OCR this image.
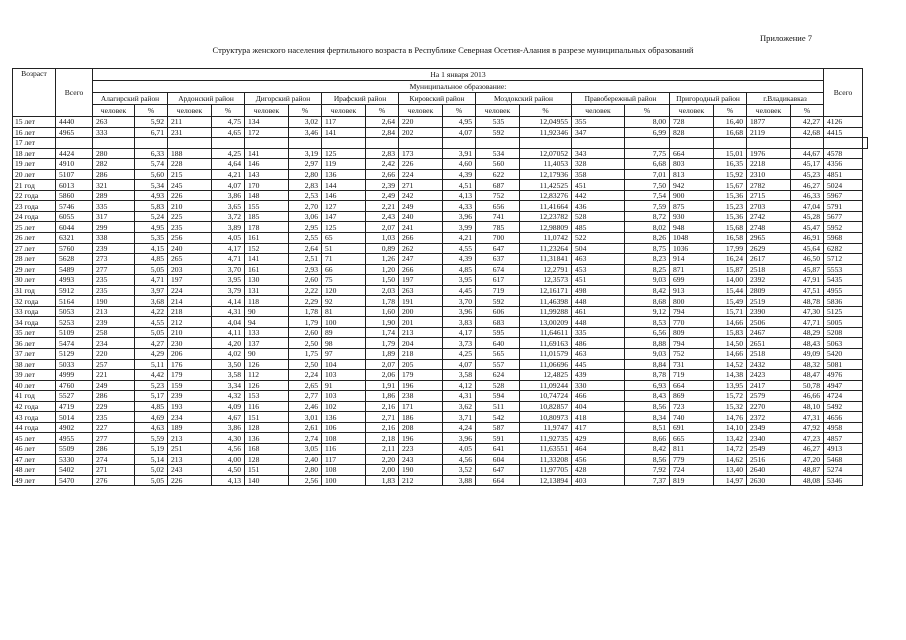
Приложение 7
Структура женского населения фертильного возраста в Республике Северная Осетия-Алания в разрезе муниципальных образований
Возраст	Всего	На 1 января 2013																		Всего	
		Муниципальное образование:																			
		Алагирский район		Ардонский район		Дигорский район		Ирафский район		Кировский район		Моздокский район		Правобережный район		Пригородный район		г.Владикавказ			
		человек	%	человек	%	человек	%	человек	%	человек	%	человек	%	человек	%	человек	%	человек	%		
15 лет	4440	263	5,92	211	4,75	134	3,02	117	2,64	220	4,95	535	12,04955	355	8,00	728	16,40	1877	42,27	4126	
16 лет	4965	333	6,71	231	4,65	172	3,46	141	2,84	202	4,07	592	11,92346	347	6,99	828	16,68	2119	42,68	4415	
17 лет																					
18 лет	4424	280	6,33	188	4,25	141	3,19	125	2,83	173	3,91	534	12,07052	343	7,75	664	15,01	1976	44,67	4578	
19 лет	4910	282	5,74	228	4,64	146	2,97	119	2,42	226	4,60	560	11,4053	328	6,68	803	16,35	2218	45,17	4356	
20 лет	5107	286	5,60	215	4,21	143	2,80	136	2,66	224	4,39	622	12,17936	358	7,01	813	15,92	2310	45,23	4851	
21 год	6013	321	5,34	245	4,07	170	2,83	144	2,39	271	4,51	687	11,42525	451	7,50	942	15,67	2782	46,27	5024	
22 года	5860	289	4,93	226	3,86	148	2,53	146	2,49	242	4,13	752	12,83276	442	7,54	900	15,36	2715	46,33	5967	
23 года	5746	335	5,83	210	3,65	155	2,70	127	2,21	249	4,33	656	11,41664	436	7,59	875	15,23	2703	47,04	5791	
24 года	6055	317	5,24	225	3,72	185	3,06	147	2,43	240	3,96	741	12,23782	528	8,72	930	15,36	2742	45,28	5677	
25 лет	6044	299	4,95	235	3,89	178	2,95	125	2,07	241	3,99	785	12,98809	485	8,02	948	15,68	2748	45,47	5952	
26 лет	6321	338	5,35	256	4,05	161	2,55	65	1,03	266	4,21	700	11,0742	522	8,26	1048	16,58	2965	46,91	5968	
27 лет	5760	239	4,15	240	4,17	152	2,64	51	0,89	262	4,55	647	11,23264	504	8,75	1036	17,99	2629	45,64	6282	
28 лет	5628	273	4,85	265	4,71	141	2,51	71	1,26	247	4,39	637	11,31841	463	8,23	914	16,24	2617	46,50	5712	
29 лет	5489	277	5,05	203	3,70	161	2,93	66	1,20	266	4,85	674	12,2791	453	8,25	871	15,87	2518	45,87	5553	
30 лет	4993	235	4,71	197	3,95	130	2,60	75	1,50	197	3,95	617	12,3573	451	9,03	699	14,00	2392	47,91	5435	
31 год	5912	235	3,97	224	3,79	131	2,22	120	2,03	263	4,45	719	12,16171	498	8,42	913	15,44	2809	47,51	4955	
32 года	5164	190	3,68	214	4,14	118	2,29	92	1,78	191	3,70	592	11,46398	448	8,68	800	15,49	2519	48,78	5836	
33 года	5053	213	4,22	218	4,31	90	1,78	81	1,60	200	3,96	606	11,99288	461	9,12	794	15,71	2390	47,30	5125	
34 года	5253	239	4,55	212	4,04	94	1,79	100	1,90	201	3,83	683	13,00209	448	8,53	770	14,66	2506	47,71	5005	
35 лет	5109	258	5,05	210	4,11	133	2,60	89	1,74	213	4,17	595	11,64611	335	6,56	809	15,83	2467	48,29	5208	
36 лет	5474	234	4,27	230	4,20	137	2,50	98	1,79	204	3,73	640	11,69163	486	8,88	794	14,50	2651	48,43	5063	
37 лет	5129	220	4,29	206	4,02	90	1,75	97	1,89	218	4,25	565	11,01579	463	9,03	752	14,66	2518	49,09	5420	
38 лет	5033	257	5,11	176	3,50	126	2,50	104	2,07	205	4,07	557	11,06696	445	8,84	731	14,52	2432	48,32	5081	
39 лет	4999	221	4,42	179	3,58	112	2,24	103	2,06	179	3,58	624	12,4825	439	8,78	719	14,38	2423	48,47	4976	
40 лет	4760	249	5,23	159	3,34	126	2,65	91	1,91	196	4,12	528	11,09244	330	6,93	664	13,95	2417	50,78	4947	
41 год	5527	286	5,17	239	4,32	153	2,77	103	1,86	238	4,31	594	10,74724	466	8,43	869	15,72	2579	46,66	4724	
42 года	4719	229	4,85	193	4,09	116	2,46	102	2,16	171	3,62	511	10,82857	404	8,56	723	15,32	2270	48,10	5492	
43 года	5014	235	4,69	234	4,67	151	3,01	136	2,71	186	3,71	542	10,80973	418	8,34	740	14,76	2372	47,31	4656	
44 года	4902	227	4,63	189	3,86	128	2,61	106	2,16	208	4,24	587	11,9747	417	8,51	691	14,10	2349	47,92	4958	
45 лет	4955	277	5,59	213	4,30	136	2,74	108	2,18	196	3,96	591	11,92735	429	8,66	665	13,42	2340	47,23	4857	
46 лет	5509	286	5,19	251	4,56	168	3,05	116	2,11	223	4,05	641	11,63551	464	8,42	811	14,72	2549	46,27	4913	
47 лет	5330	274	5,14	213	4,00	128	2,40	117	2,20	243	4,56	604	11,33208	456	8,56	779	14,62	2516	47,20	5468	
48 лет	5402	271	5,02	243	4,50	151	2,80	108	2,00	190	3,52	647	11,97705	428	7,92	724	13,40	2640	48,87	5274	
49 лет	5470	276	5,05	226	4,13	140	2,56	100	1,83	212	3,88	664	12,13894	403	7,37	819	14,97	2630	48,08	5346	
